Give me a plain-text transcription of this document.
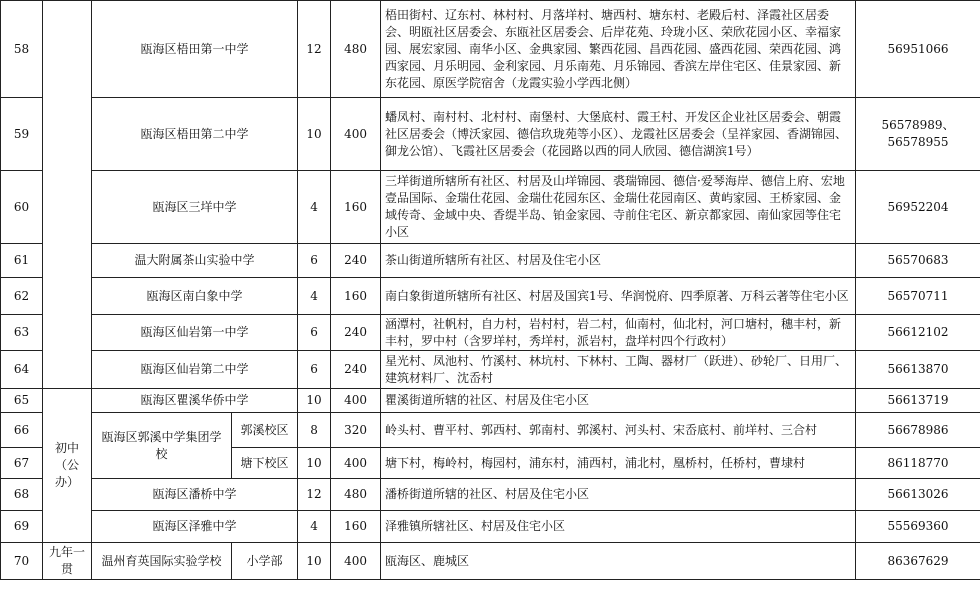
58		瓯海区梧田第一中学		12	480	梧田街村、辽东村、林村村、月落垟村、塘西村、塘东村、老殿后村、泽霞社区居委会、明瓯社区居委会、东瓯社区居委会、后岸花苑、玲珑小区、荣欣花园小区、幸福家园、展宏家园、南华小区、金典家园、繁西花园、昌西花园、盛西花园、荣西花园、鸿西家园、月乐明园、金利家园、月乐南苑、月乐锦园、香滨左岸住宅区、佳景家园、新东花园、原医学院宿舍（龙霞实验小学西北侧）	56951066

59		瓯海区梧田第二中学		10	400	蟠凤村、南村村、北村村、南堡村、大堡底村、霞王村、开发区企业社区居委会、朝霞社区居委会（博沃家园、德信玖珑苑等小区）、龙霞社区居委会（呈祥家园、香湖锦园、御龙公馆）、飞霞社区居委会（花园路以西的同人欣园、德信湖滨1号）	56578989、
56578955

60		瓯海区三垟中学		4	160	三垟街道所辖所有社区、村居及山垟锦园、裘瑞锦园、德信·爱琴海岸、德信上府、宏地壹品国际、金瑞仕花园、金瑞仕花园东区、金瑞仕花园南区、黄屿家园、王桥家园、金域传奇、金域中央、香缇半岛、铂金家园、寺前住宅区、新京都家园、南仙家园等住宅小区	56952204

61		温大附属茶山实验中学		6	240	茶山街道所辖所有社区、村居及住宅小区	56570683

62		瓯海区南白象中学		4	160	南白象街道所辖所有社区、村居及国宾1号、华润悦府、四季原著、万科云著等住宅小区	56570711

63		瓯海区仙岩第一中学		6	240	涵潭村，社帆村，自力村，岩村村，岩二村，仙南村，仙北村，河口塘村，穗丰村，新丰村，罗中村（含罗垟村，秀垟村，派岩村，盘垟村四个行政村）	56612102

64		瓯海区仙岩第二中学		6	240	星光村、凤池村、竹溪村、林坑村、下林村、工陶、器材厂（跃进）、砂轮厂、日用厂、建筑材料厂、沈岙村	56613870

65	初中（公办）	瓯海区瞿溪华侨中学		10	400	瞿溪街道所辖的社区、村居及住宅小区	56613719

66		瓯海区郭溪中学集团学校	郭溪校区	8	320	岭头村、曹平村、郭西村、郭南村、郭溪村、河头村、宋岙底村、前垟村、三合村	56678986

67			塘下校区	10	400	塘下村，梅岭村，梅园村，浦东村，浦西村，浦北村，凰桥村，任桥村，曹埭村	86118770

68		瓯海区潘桥中学		12	480	潘桥街道所辖的社区、村居及住宅小区	56613026

69		瓯海区泽雅中学		4	160	泽雅镇所辖社区、村居及住宅小区	55569360

70	九年一贯	温州育英国际实验学校	小学部	10	400	瓯海区、鹿城区	86367629
